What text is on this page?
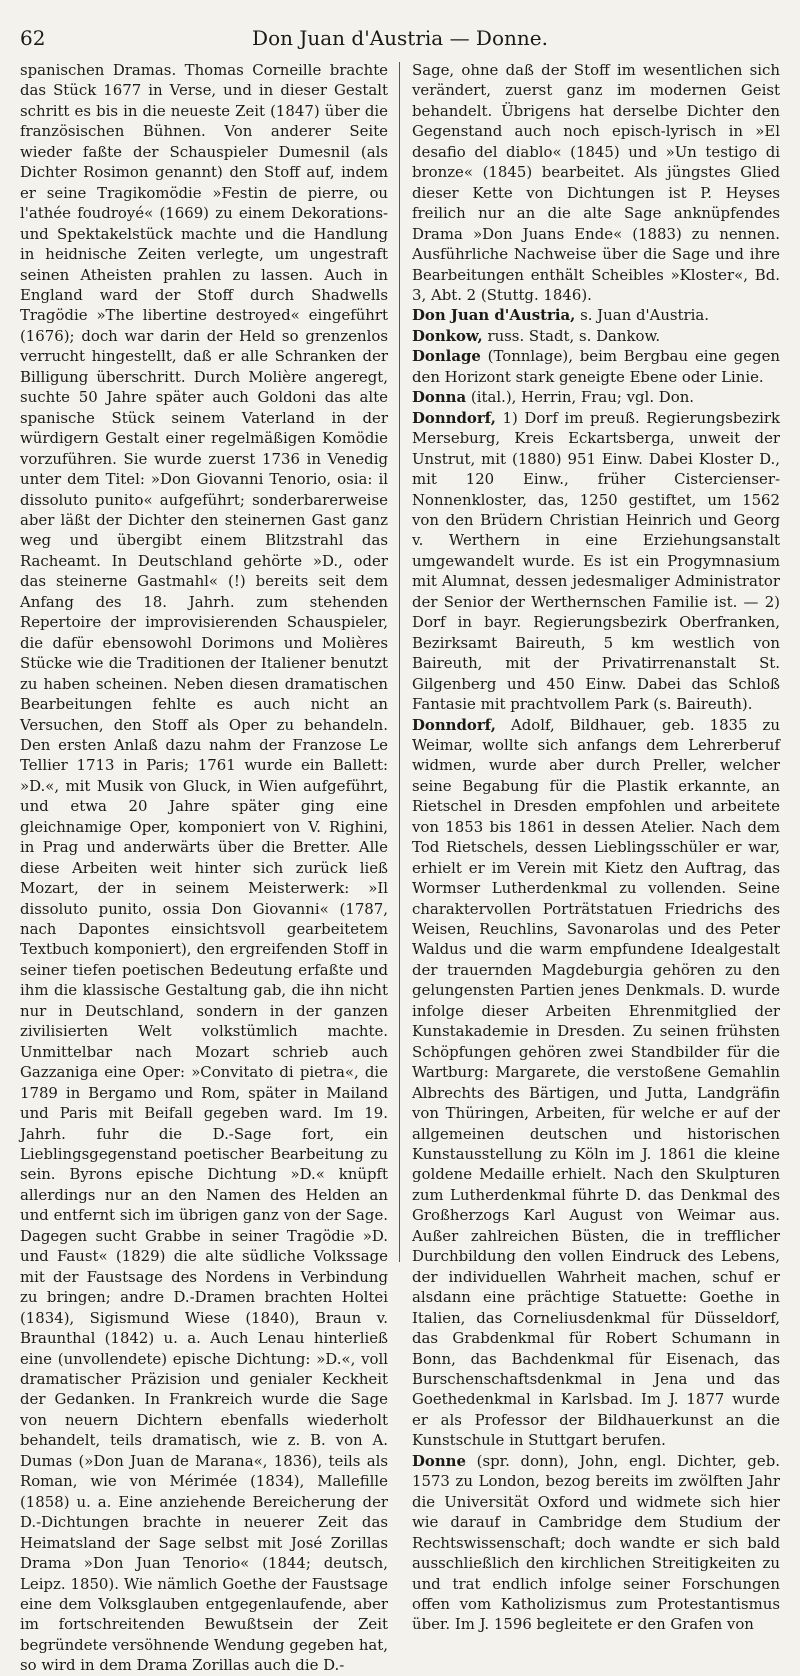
62	Don Juan d'Austria — Donne.

spanischen Dramas. Thomas Corneille brachte das Stück 1677 in Verse, und in dieser Gestalt schritt es bis in die neueste Zeit (1847) über die französischen Bühnen. Von anderer Seite wieder faßte der Schauspieler Dumesnil (als Dichter Rosimon genannt) den Stoff auf, indem er seine Tragikomödie »Festin de pierre, ou l'athée foudroyé« (1669) zu einem Dekorations- und Spektakelstück machte und die Handlung in heidnische Zeiten verlegte, um ungestraft seinen Atheisten prahlen zu lassen. Auch in England ward der Stoff durch Shadwells Tragödie »The libertine destroyed« eingeführt (1676); doch war darin der Held so grenzenlos verrucht hingestellt, daß er alle Schranken der Billigung überschritt. Durch Molière angeregt, suchte 50 Jahre später auch Goldoni das alte spanische Stück seinem Vaterland in der würdigern Gestalt einer regelmäßigen Komödie vorzuführen. Sie wurde zuerst 1736 in Venedig unter dem Titel: »Don Giovanni Tenorio, osia: il dissoluto punito« aufgeführt; sonderbarerweise aber läßt der Dichter den steinernen Gast ganz weg und übergibt einem Blitzstrahl das Racheamt. In Deutschland gehörte »D., oder das steinerne Gastmahl« (!) bereits seit dem Anfang des 18. Jahrh. zum stehenden Repertoire der improvisierenden Schauspieler, die dafür ebensowohl Dorimons und Molières Stücke wie die Traditionen der Italiener benutzt zu haben scheinen. Neben diesen dramatischen Bearbeitungen fehlte es auch nicht an Versuchen, den Stoff als Oper zu behandeln. Den ersten Anlaß dazu nahm der Franzose Le Tellier 1713 in Paris; 1761 wurde ein Ballett: »D.«, mit Musik von Gluck, in Wien aufgeführt, und etwa 20 Jahre später ging eine gleichnamige Oper, komponiert von V. Righini, in Prag und anderwärts über die Bretter. Alle diese Arbeiten weit hinter sich zurück ließ Mozart, der in seinem Meisterwerk: »Il dissoluto punito, ossia Don Giovanni« (1787, nach Dapontes einsichtsvoll gearbeitetem Textbuch komponiert), den ergreifenden Stoff in seiner tiefen poetischen Bedeutung erfaßte und ihm die klassische Gestaltung gab, die ihn nicht nur in Deutschland, sondern in der ganzen zivilisierten Welt volkstümlich machte. Unmittelbar nach Mozart schrieb auch Gazzaniga eine Oper: »Convitato di pietra«, die 1789 in Bergamo und Rom, später in Mailand und Paris mit Beifall gegeben ward. Im 19. Jahrh. fuhr die D.-Sage fort, ein Lieblingsgegenstand poetischer Bearbeitung zu sein. Byrons epische Dichtung »D.« knüpft allerdings nur an den Namen des Helden an und entfernt sich im übrigen ganz von der Sage. Dagegen sucht Grabbe in seiner Tragödie »D. und Faust« (1829) die alte südliche Volkssage mit der Faustsage des Nordens in Verbindung zu bringen; andre D.-Dramen brachten Holtei (1834), Sigismund Wiese (1840), Braun v. Braunthal (1842) u. a. Auch Lenau hinterließ eine (unvollendete) epische Dichtung: »D.«, voll dramatischer Präzision und genialer Keckheit der Gedanken. In Frankreich wurde die Sage von neuern Dichtern ebenfalls wiederholt behandelt, teils dramatisch, wie z. B. von A. Dumas (»Don Juan de Marana«, 1836), teils als Roman, wie von Mérimée (1834), Mallefille (1858) u. a. Eine anziehende Bereicherung der D.-Dichtungen brachte in neuerer Zeit das Heimatsland der Sage selbst mit José Zorillas Drama »Don Juan Tenorio« (1844; deutsch, Leipz. 1850). Wie nämlich Goethe der Faustsage eine dem Volksglauben entgegenlaufende, aber im fortschreitenden Bewußtsein der Zeit begründete versöhnende Wendung gegeben hat, so wird in dem Drama Zorillas auch die D.-

Sage, ohne daß der Stoff im wesentlichen sich verändert, zuerst ganz im modernen Geist behandelt. Übrigens hat derselbe Dichter den Gegenstand auch noch episch-lyrisch in »El desafio del diablo« (1845) und »Un testigo di bronze« (1845) bearbeitet. Als jüngstes Glied dieser Kette von Dichtungen ist P. Heyses freilich nur an die alte Sage anknüpfendes Drama »Don Juans Ende« (1883) zu nennen. Ausführliche Nachweise über die Sage und ihre Bearbeitungen enthält Scheibles »Kloster«, Bd. 3, Abt. 2 (Stuttg. 1846).

Don Juan d'Austria, s. Juan d'Austria.

Donkow, russ. Stadt, s. Dankow.

Donlage (Tonnlage), beim Bergbau eine gegen den Horizont stark geneigte Ebene oder Linie.

Donna (ital.), Herrin, Frau; vgl. Don.

Donndorf, 1) Dorf im preuß. Regierungsbezirk Merseburg, Kreis Eckartsberga, unweit der Unstrut, mit (1880) 951 Einw. Dabei Kloster D., mit 120 Einw., früher Cistercienser-Nonnenkloster, das, 1250 gestiftet, um 1562 von den Brüdern Christian Heinrich und Georg v. Werthern in eine Erziehungsanstalt umgewandelt wurde. Es ist ein Progymnasium mit Alumnat, dessen jedesmaliger Administrator der Senior der Werthernschen Familie ist. — 2) Dorf in bayr. Regierungsbezirk Oberfranken, Bezirksamt Baireuth, 5 km westlich von Baireuth, mit der Privatirrenanstalt St. Gilgenberg und 450 Einw. Dabei das Schloß Fantasie mit prachtvollem Park (s. Baireuth).

Donndorf, Adolf, Bildhauer, geb. 1835 zu Weimar, wollte sich anfangs dem Lehrerberuf widmen, wurde aber durch Preller, welcher seine Begabung für die Plastik erkannte, an Rietschel in Dresden empfohlen und arbeitete von 1853 bis 1861 in dessen Atelier. Nach dem Tod Rietschels, dessen Lieblingsschüler er war, erhielt er im Verein mit Kietz den Auftrag, das Wormser Lutherdenkmal zu vollenden. Seine charaktervollen Porträtstatuen Friedrichs des Weisen, Reuchlins, Savonarolas und des Peter Waldus und die warm empfundene Idealgestalt der trauernden Magdeburgia gehören zu den gelungensten Partien jenes Denkmals. D. wurde infolge dieser Arbeiten Ehrenmitglied der Kunstakademie in Dresden. Zu seinen frühsten Schöpfungen gehören zwei Standbilder für die Wartburg: Margarete, die verstoßene Gemahlin Albrechts des Bärtigen, und Jutta, Landgräfin von Thüringen, Arbeiten, für welche er auf der allgemeinen deutschen und historischen Kunstausstellung zu Köln im J. 1861 die kleine goldene Medaille erhielt. Nach den Skulpturen zum Lutherdenkmal führte D. das Denkmal des Großherzogs Karl August von Weimar aus. Außer zahlreichen Büsten, die in trefflicher Durchbildung den vollen Eindruck des Lebens, der individuellen Wahrheit machen, schuf er alsdann eine prächtige Statuette: Goethe in Italien, das Corneliusdenkmal für Düsseldorf, das Grabdenkmal für Robert Schumann in Bonn, das Bachdenkmal für Eisenach, das Burschenschaftsdenkmal in Jena und das Goethedenkmal in Karlsbad. Im J. 1877 wurde er als Professor der Bildhauerkunst an die Kunstschule in Stuttgart berufen.

Donne (spr. donn), John, engl. Dichter, geb. 1573 zu London, bezog bereits im zwölften Jahr die Universität Oxford und widmete sich hier wie darauf in Cambridge dem Studium der Rechtswissenschaft; doch wandte er sich bald ausschließlich den kirchlichen Streitigkeiten zu und trat endlich infolge seiner Forschungen offen vom Katholizismus zum Protestantismus über. Im J. 1596 begleitete er den Grafen von
